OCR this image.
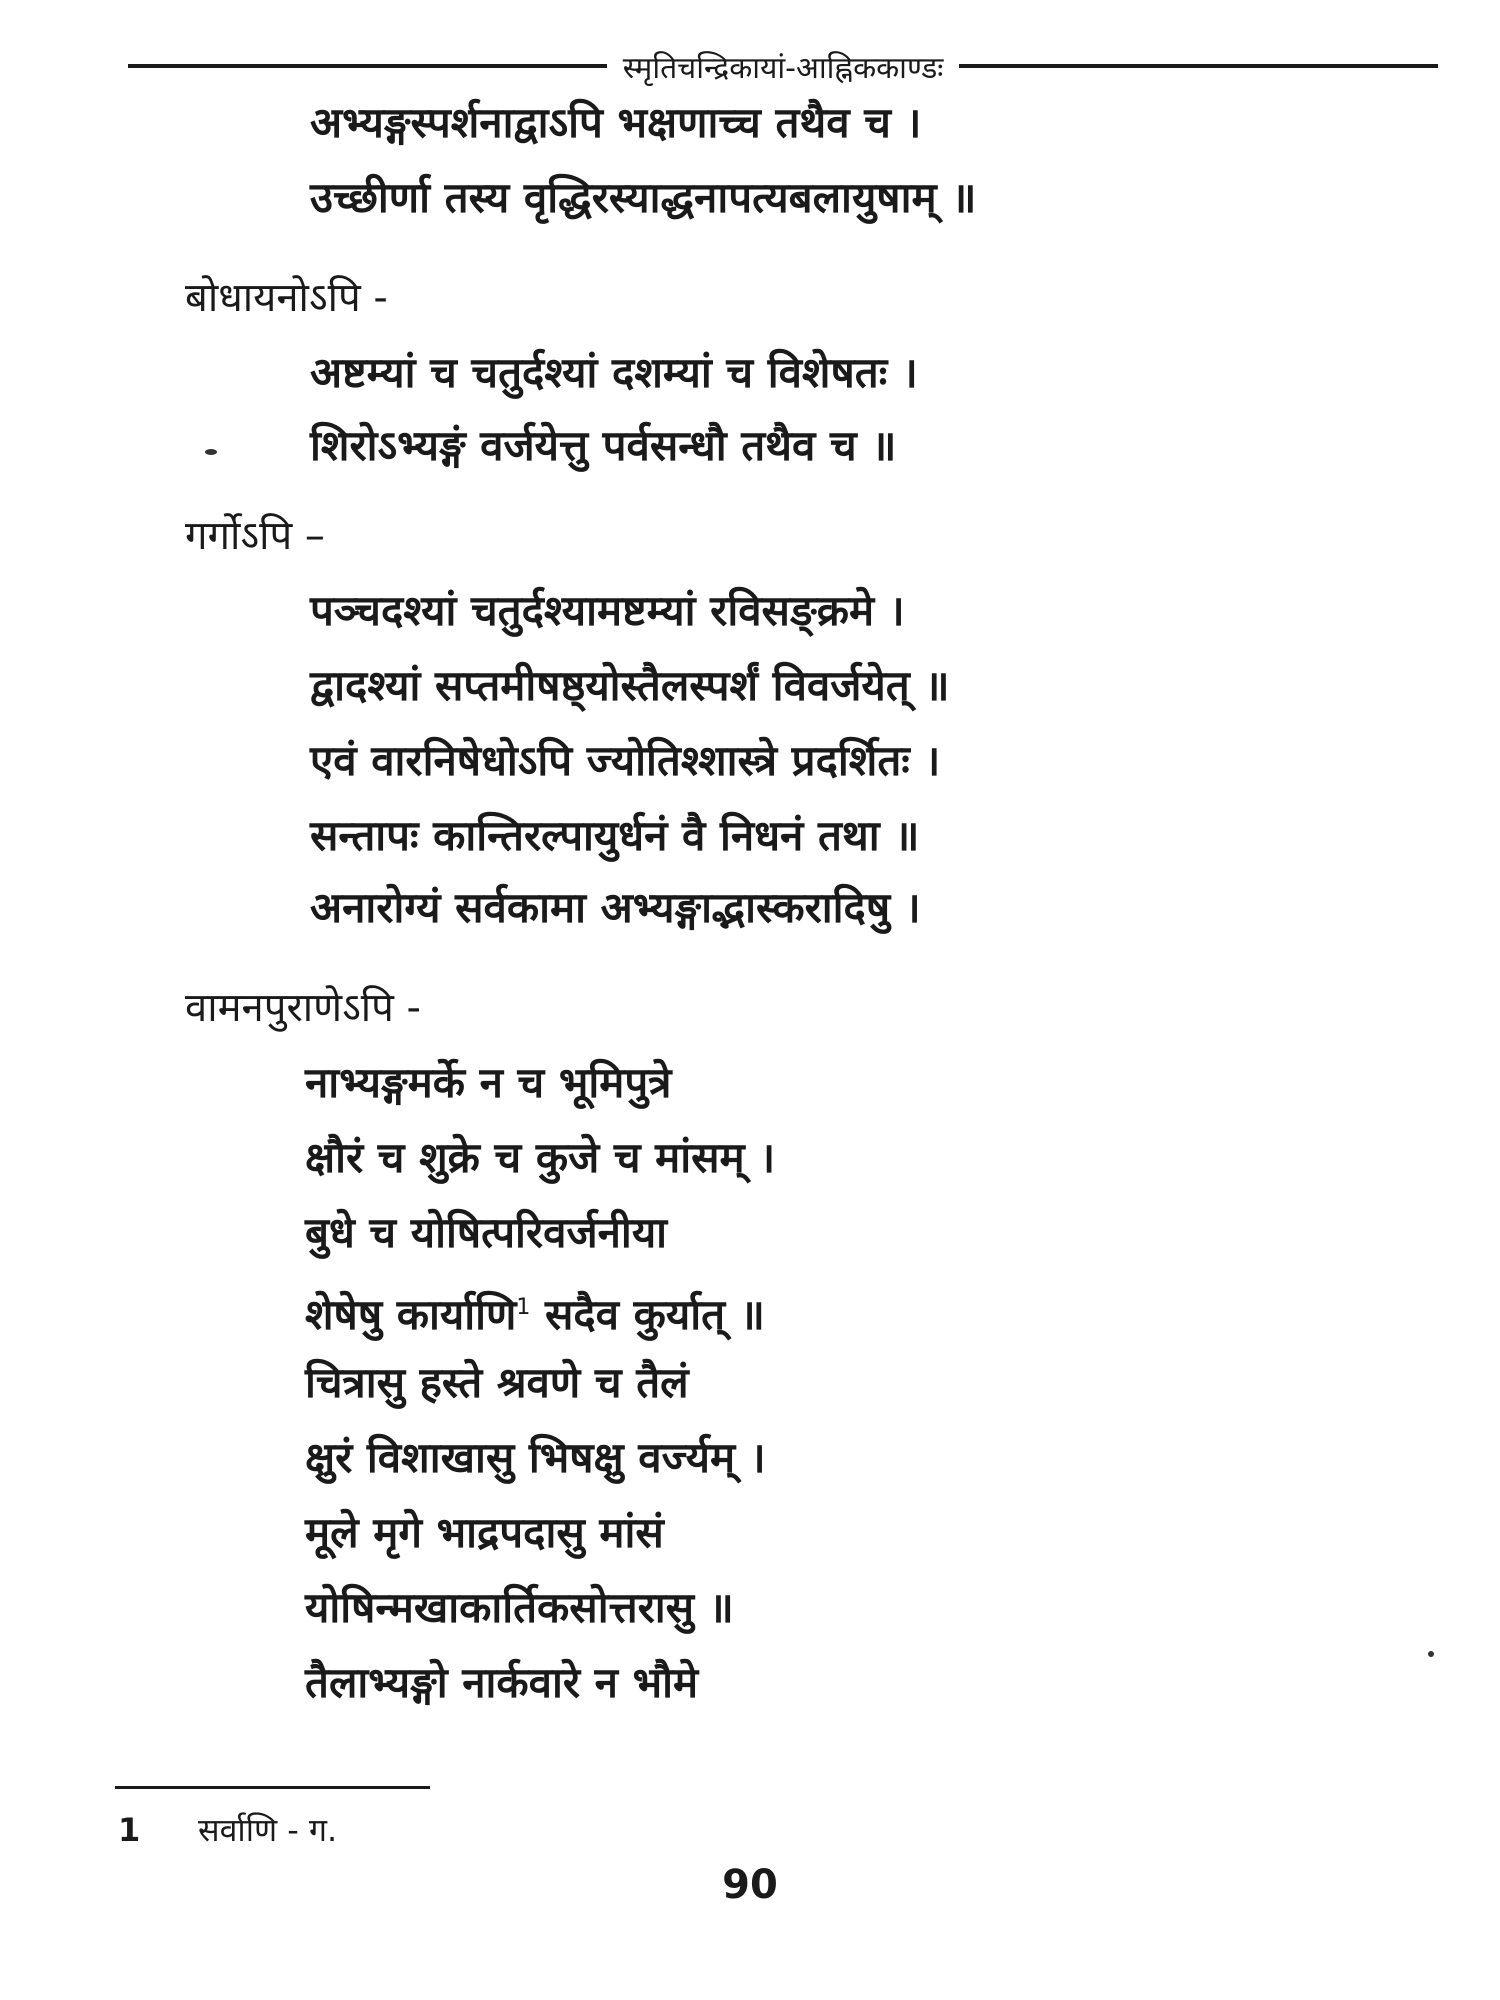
स्मृतिचन्द्रिकायां-आह्निककाण्डः
अभ्यङ्गस्पर्शनाद्वाऽपि भक्षणाच्च तथैव च ।
उच्छीर्णा तस्य वृद्धिरस्याद्धनापत्यबलायुषाम् ॥
बोधायनोऽपि -
अष्टम्यां च चतुर्दश्यां दशम्यां च विशेषतः ।
शिरोऽभ्यङ्गं वर्जयेत्तु पर्वसन्धौ तथैव च ॥
गर्गोऽपि –
पञ्चदश्यां चतुर्दश्यामष्टम्यां रविसङ्क्रमे ।
द्वादश्यां सप्तमीषष्ठ्योस्तैलस्पर्शं विवर्जयेत् ॥
एवं वारनिषेधोऽपि ज्योतिश्शास्त्रे प्रदर्शितः ।
सन्तापः कान्तिरल्पायुर्धनं वै निधनं तथा ॥
अनारोग्यं सर्वकामा अभ्यङ्गाद्भास्करादिषु ।
वामनपुराणेऽपि -
नाभ्यङ्गमर्के न च भूमिपुत्रे
क्षौरं च शुक्रे च कुजे च मांसम् ।
बुधे च योषित्परिवर्जनीया
शेषेषु कार्याणि$^1$ सदैव कुर्यात् ॥
चित्रासु हस्ते श्रवणे च तैलं
क्षुरं विशाखासु भिषक्षु वर्ज्यम् ।
मूले मृगे भाद्रपदासु मांसं
योषिन्मखाकार्तिकसोत्तरासु ॥
तैलाभ्यङ्गो नार्कवारे न भौमे
1 सर्वाणि - ग.
90
